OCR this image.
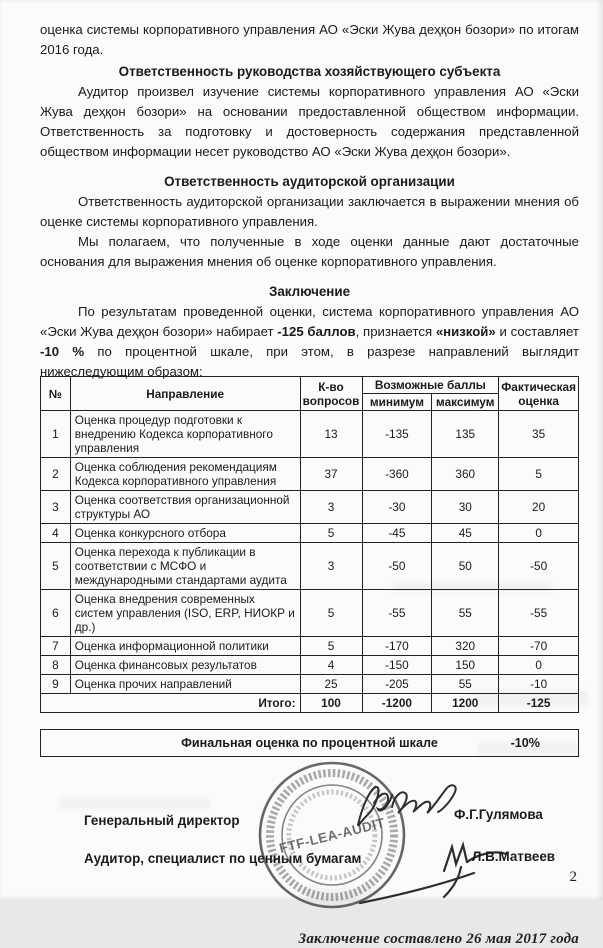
оценка системы корпоративного управления АО «Эски Жува деҳқон бозори» по итогам 2016 года.

Ответственность руководства хозяйствующего субъекта

Аудитор произвел изучение системы корпоративного управления АО «Эски Жува деҳқон бозори» на основании предоставленной обществом информации. Ответственность за подготовку и достоверность содержания представленной обществом информации несет руководство АО «Эски Жува деҳқон бозори».

Ответственность аудиторской организации

Ответственность аудиторской организации заключается в выражении мнения об оценке системы корпоративного управления.

Мы полагаем, что полученные в ходе оценки данные дают достаточные основания для выражения мнения об оценке корпоративного управления.

Заключение

По результатам проведенной оценки, система корпоративного управления АО «Эски Жува деҳқон бозори» набирает -125 баллов, признается «низкой» и составляет -10 % по процентной шкале, при этом, в разрезе направлений выглядит нижеследующим образом:

№	Направление	К-во вопросов	Возможные баллы		Фактическая оценка
			минимум	максимум	
1	Оценка процедур подготовки к внедрению Кодекса корпоративного управления	13	-135	135	35
2	Оценка соблюдения рекомендациям Кодекса корпоративного управления	37	-360	360	5
3	Оценка соответствия организационной структуры АО	3	-30	30	20
4	Оценка конкурсного отбора	5	-45	45	0
5	Оценка перехода к публикации в соответствии с МСФО и международными стандартами аудита	3	-50	50	-50
6	Оценка внедрения современных систем управления (ISO, ERP, НИОКР и др.)	5	-55	55	-55
7	Оценка информационной политики	5	-170	320	-70
8	Оценка финансовых результатов	4	-150	150	0
9	Оценка прочих направлений	25	-205	55	-10
Итого:		100	-1200	1200	-125
Финальная оценка по процентной шкале	-10%
FTF-LEA-AUDIT
Генеральный директор	Ф.Г.Гулямова
Аудитор, специалист по ценным бумагам	Л.В.Матвеев
Заключение составлено 26 мая 2017 года
2
